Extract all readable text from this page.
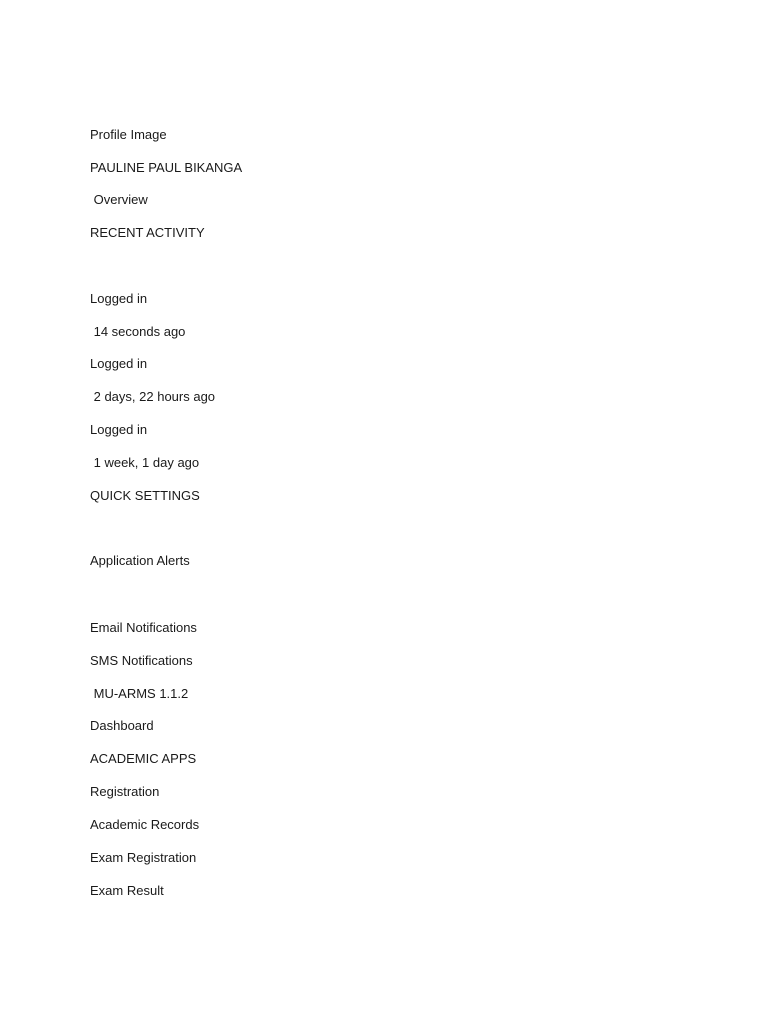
Profile Image
PAULINE PAUL BIKANGA
Overview
RECENT ACTIVITY
Logged in
14 seconds ago
Logged in
2 days, 22 hours ago
Logged in
1 week, 1 day ago
QUICK SETTINGS
Application Alerts
Email Notifications
SMS Notifications
MU-ARMS 1.1.2
Dashboard
ACADEMIC APPS
Registration
Academic Records
Exam Registration
Exam Result
